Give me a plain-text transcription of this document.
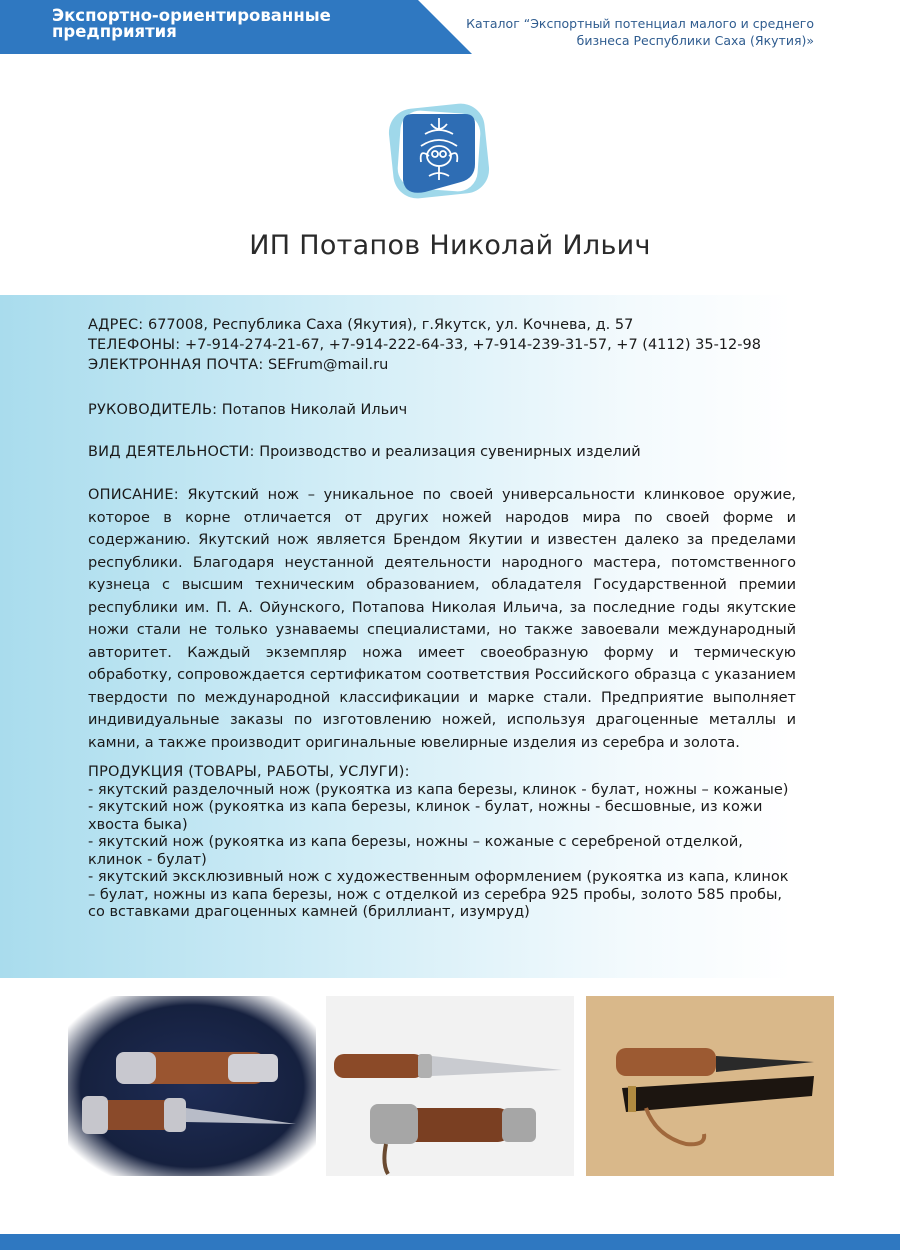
Экспортно-ориентированные предприятия	Каталог “Экспортный потенциал малого и среднего
бизнеса Республики Саха (Якутия)»
ИП Потапов Николай Ильич
АДРЕС: 677008, Республика Саха (Якутия), г.Якутск, ул. Кочнева, д. 57
ТЕЛЕФОНЫ: +7-914-274-21-67, +7-914-222-64-33, +7-914-239-31-57, +7 (4112) 35-12-98
ЭЛЕКТРОННАЯ ПОЧТА: SEFrum@mail.ru
РУКОВОДИТЕЛЬ: Потапов Николай Ильич
ВИД ДЕЯТЕЛЬНОСТИ: Производство и реализация сувенирных изделий
ОПИСАНИЕ: Якутский нож – уникальное по своей универсальности клинковое оружие, которое в корне отличается от других ножей народов мира по своей форме и содержанию. Якутский нож является Брендом Якутии и известен далеко за пределами республики. Благодаря неустанной деятельности народного мастера, потомственного кузнеца с высшим техническим образованием, обладателя Государственной премии республики им. П. А. Ойунского, Потапова Николая Ильича, за последние годы якутские ножи стали не только узнаваемы специалистами, но также завоевали международный авторитет. Каждый экземпляр ножа имеет своеобразную форму и термическую обработку, сопровождается сертификатом соответствия Российского образца с указанием твердости по международной классификации и марке стали. Предприятие выполняет индивидуальные заказы по изготовлению ножей, используя драгоценные металлы и камни, а также производит оригинальные ювелирные изделия из серебра и золота.
ПРОДУКЦИЯ (ТОВАРЫ, РАБОТЫ, УСЛУГИ):
- якутский разделочный нож (рукоятка из капа березы, клинок - булат, ножны – кожаные)
- якутский нож (рукоятка из капа березы, клинок - булат, ножны - бесшовные, из кожи хвоста быка)
- якутский нож (рукоятка из капа березы, ножны – кожаные с серебреной отделкой, клинок - булат)
- якутский эксклюзивный нож с художественным оформлением (рукоятка из капа, клинок – булат, ножны из капа березы, нож с отделкой из серебра 925 пробы, золото 585 пробы, со вставками драгоценных камней (бриллиант, изумруд)
